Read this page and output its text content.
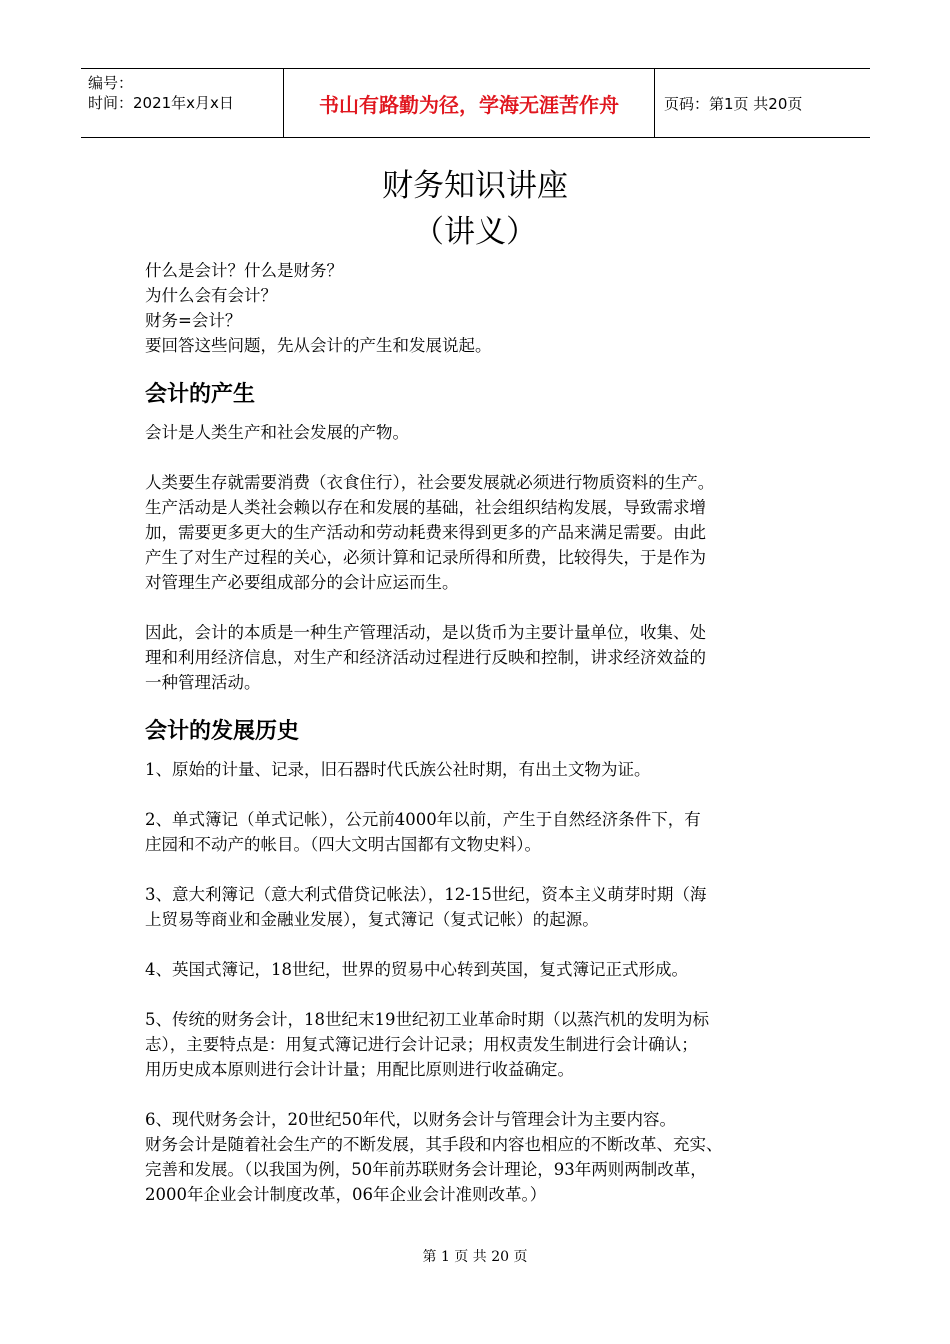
编号：
时间：2021年x月x日	书山有路勤为径，学海无涯苦作舟	页码：第1页 共20页
财务知识讲座
（讲义）

什么是会计？什么是财务？

为什么会有会计？

财务=会计？

要回答这些问题，先从会计的产生和发展说起。

会计的产生

会计是人类生产和社会发展的产物。

人类要生存就需要消费（衣食住行），社会要发展就必须进行物质资料的生产。

生产活动是人类社会赖以存在和发展的基础，社会组织结构发展，导致需求增

加，需要更多更大的生产活动和劳动耗费来得到更多的产品来满足需要。由此

产生了对生产过程的关心，必须计算和记录所得和所费，比较得失，于是作为

对管理生产必要组成部分的会计应运而生。

因此，会计的本质是一种生产管理活动，是以货币为主要计量单位，收集、处

理和利用经济信息，对生产和经济活动过程进行反映和控制，讲求经济效益的

一种管理活动。

会计的发展历史

1、原始的计量、记录，旧石器时代氏族公社时期，有出土文物为证。

2、单式簿记（单式记帐），公元前4000年以前，产生于自然经济条件下，有

庄园和不动产的帐目。（四大文明古国都有文物史料）。

3、意大利簿记（意大利式借贷记帐法），12-15世纪，资本主义萌芽时期（海

上贸易等商业和金融业发展），复式簿记（复式记帐）的起源。

4、英国式簿记，18世纪，世界的贸易中心转到英国，复式簿记正式形成。

5、传统的财务会计，18世纪末19世纪初工业革命时期（以蒸汽机的发明为标

志），主要特点是：用复式簿记进行会计记录；用权责发生制进行会计确认；

用历史成本原则进行会计计量；用配比原则进行收益确定。

6、现代财务会计，20世纪50年代，以财务会计与管理会计为主要内容。

财务会计是随着社会生产的不断发展，其手段和内容也相应的不断改革、充实、

完善和发展。（以我国为例，50年前苏联财务会计理论，93年两则两制改革，

2000年企业会计制度改革，06年企业会计准则改革。）

第 1 页 共 20 页
